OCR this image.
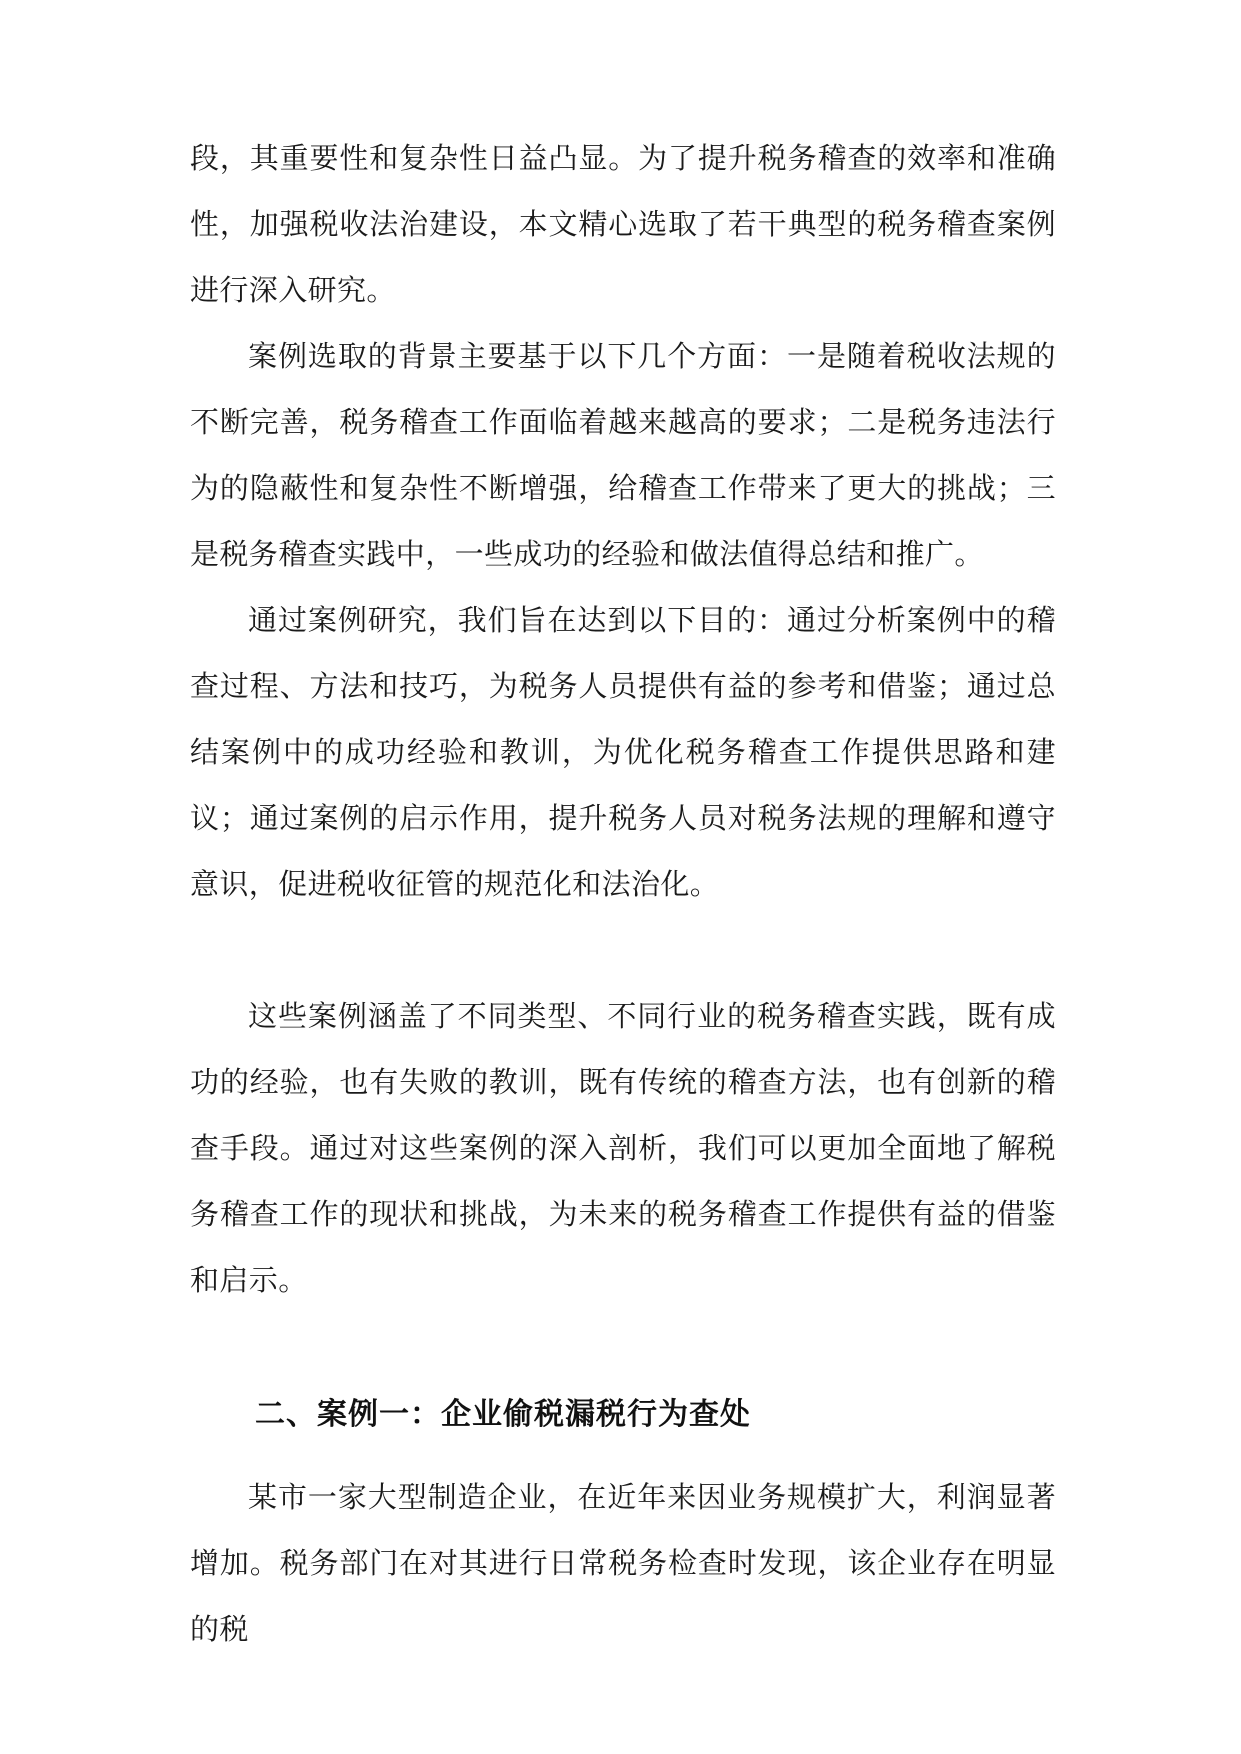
段，其重要性和复杂性日益凸显。为了提升税务稽查的效率和准确性，加强税收法治建设，本文精心选取了若干典型的税务稽查案例进行深入研究。

案例选取的背景主要基于以下几个方面：一是随着税收法规的不断完善，税务稽查工作面临着越来越高的要求；二是税务违法行为的隐蔽性和复杂性不断增强，给稽查工作带来了更大的挑战；三是税务稽查实践中，一些成功的经验和做法值得总结和推广。

通过案例研究，我们旨在达到以下目的：通过分析案例中的稽查过程、方法和技巧，为税务人员提供有益的参考和借鉴；通过总结案例中的成功经验和教训，为优化税务稽查工作提供思路和建议；通过案例的启示作用，提升税务人员对税务法规的理解和遵守意识，促进税收征管的规范化和法治化。

这些案例涵盖了不同类型、不同行业的税务稽查实践，既有成功的经验，也有失败的教训，既有传统的稽查方法，也有创新的稽查手段。通过对这些案例的深入剖析，我们可以更加全面地了解税务稽查工作的现状和挑战，为未来的税务稽查工作提供有益的借鉴和启示。

二、案例一：企业偷税漏税行为查处

某市一家大型制造企业，在近年来因业务规模扩大，利润显著增加。税务部门在对其进行日常税务检查时发现，该企业存在明显的税
